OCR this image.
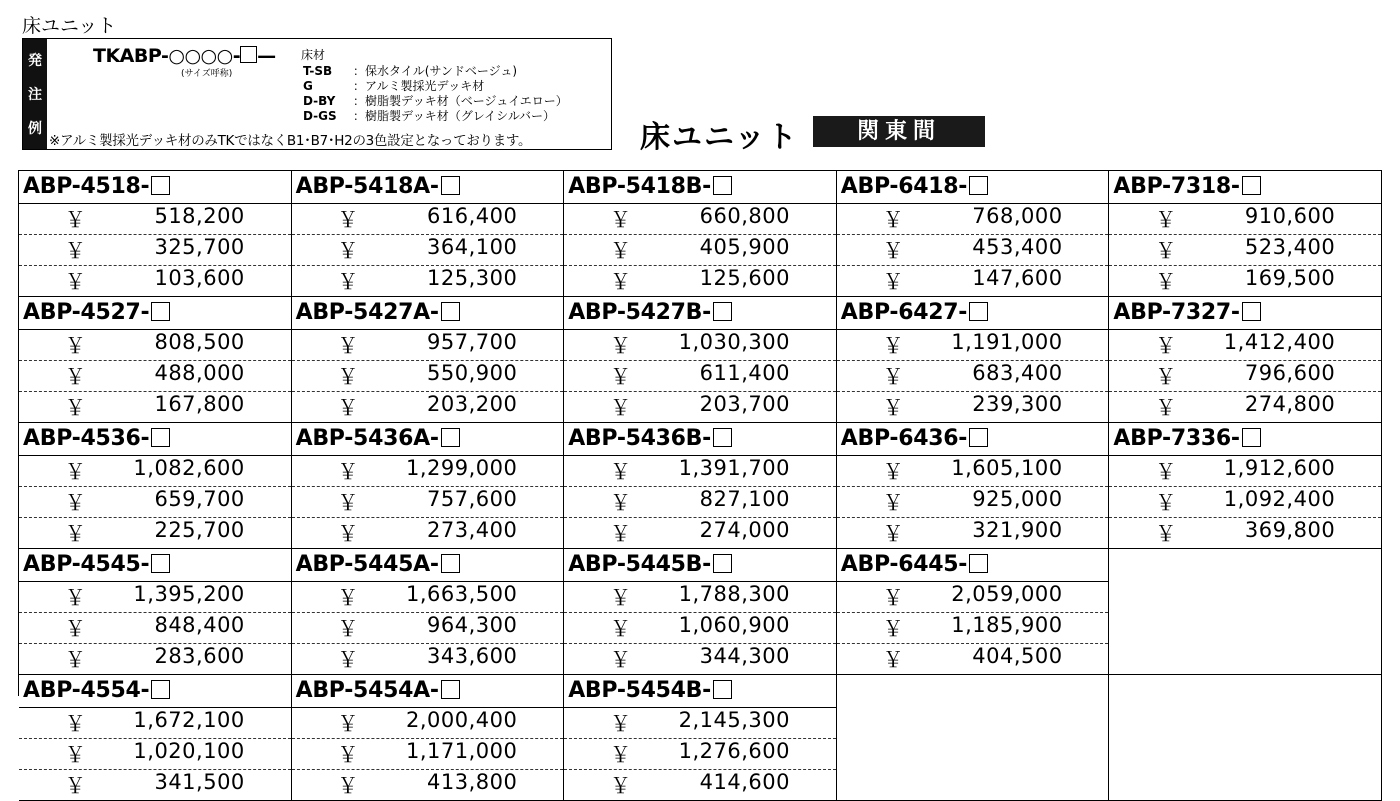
床ユニット
発
注
例
TKABP-○○○○- —
(サイズ呼称)
床材
T-SB ：保水タイル(サンドベージュ)
G	：アルミ製採光デッキ材
D-BY ：樹脂製デッキ材（ベージュイエロー）
D-GS ：樹脂製デッキ材（グレイシルバー）
※アルミ製採光デッキ材のみTKではなくB1･B7･H2の3色設定となっております。	床ユニット	関東間
ABP-4518-
￥	518,200
￥	325,700
￥	103,600
ABP-5418A-
￥	616,400
￥	364,100
￥	125,300
ABP-5418B-
￥	660,800
￥	405,900
￥	125,600
ABP-6418-
￥	768,000
￥	453,400
￥	147,600
ABP-7318-
￥	910,600
￥	523,400
￥	169,500
ABP-4527-
￥	808,500
￥	488,000
￥	167,800
ABP-5427A-
￥	957,700
￥	550,900
￥	203,200
ABP-5427B-
￥ 1,030,300
￥	611,400
￥	203,700
ABP-6427-
￥ 1,191,000
￥	683,400
￥	239,300
ABP-7327-
￥ 1,412,400
￥	796,600
￥	274,800
ABP-4536-
￥ 1,082,600
￥	659,700
￥	225,700
ABP-5436A-
￥ 1,299,000
￥	757,600
￥	273,400
ABP-5436B-
￥ 1,391,700
￥	827,100
￥	274,000
ABP-6436-
￥ 1,605,100
￥	925,000
￥	321,900
ABP-7336-
￥ 1,912,600
￥ 1,092,400
￥	369,800
ABP-4545-
￥ 1,395,200
￥	848,400
￥	283,600
ABP-5445A-
￥ 1,663,500
￥	964,300
￥	343,600
ABP-5445B-
￥ 1,788,300
￥ 1,060,900
￥	344,300
ABP-6445-
￥ 2,059,000
￥ 1,185,900
￥	404,500
ABP-4554-
￥ 1,672,100
￥ 1,020,100
￥	341,500
ABP-5454A-
￥ 2,000,400
￥ 1,171,000
￥	413,800
ABP-5454B-
￥ 2,145,300
￥ 1,276,600
￥	414,600
